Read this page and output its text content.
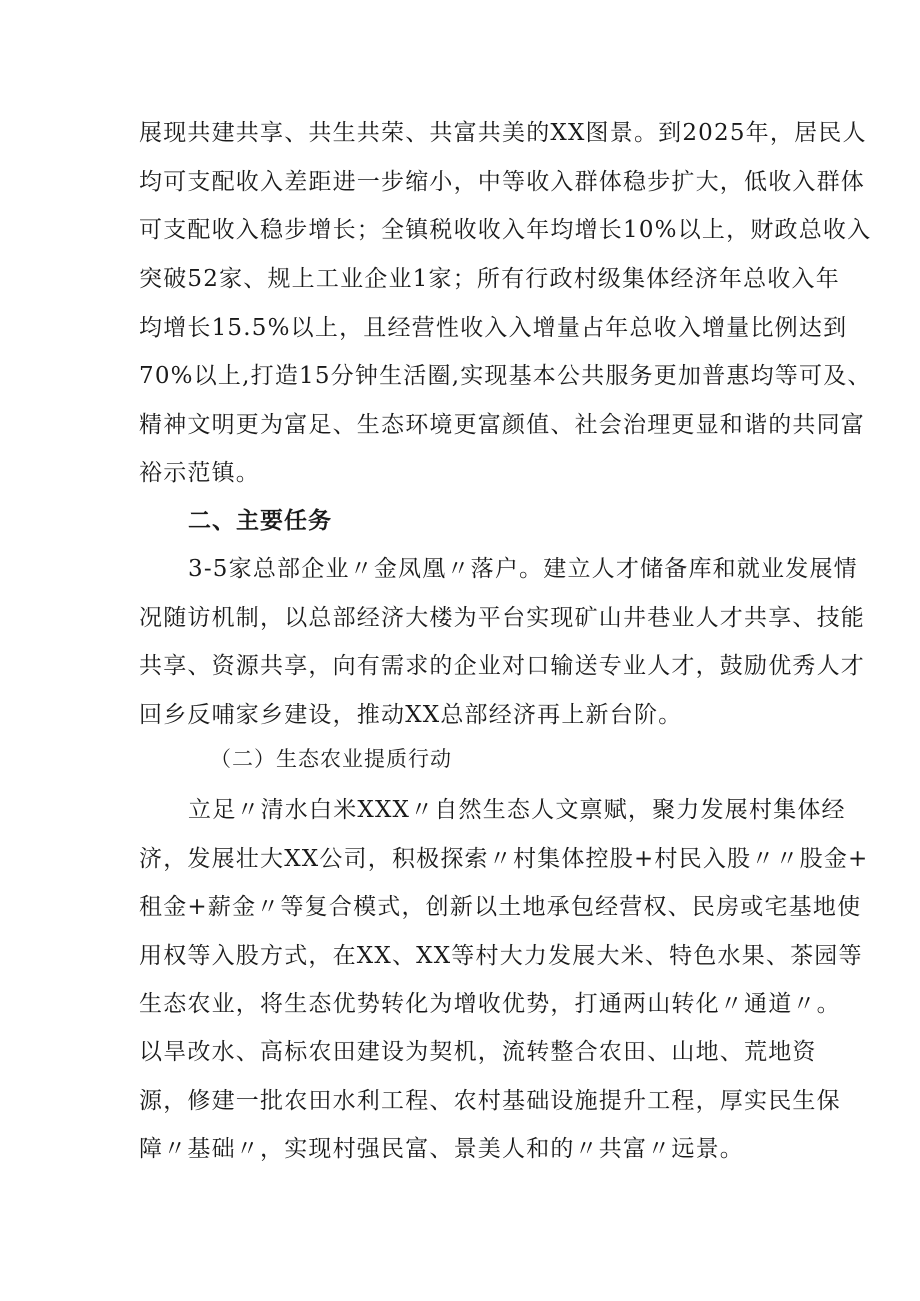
展现共建共享、共生共荣、共富共美的XX图景。到2025年，居民人
均可支配收入差距进一步缩小，中等收入群体稳步扩大，低收入群体
可支配收入稳步增长；全镇税收收入年均增长10%以上，财政总收入
突破52家、规上工业企业1家；所有行政村级集体经济年总收入年
均增长15.5%以上，且经营性收入入增量占年总收入增量比例达到
70%以上,打造15分钟生活圈,实现基本公共服务更加普惠均等可及、
精神文明更为富足、生态环境更富颜值、社会治理更显和谐的共同富
裕示范镇。
二、主要任务
3-5家总部企业〃金凤凰〃落户。建立人才储备库和就业发展情
况随访机制，以总部经济大楼为平台实现矿山井巷业人才共享、技能
共享、资源共享，向有需求的企业对口输送专业人才，鼓励优秀人才
回乡反哺家乡建设，推动XX总部经济再上新台阶。
（二）生态农业提质行动
立足〃清水白米XXX〃自然生态人文禀赋，聚力发展村集体经
济，发展壮大XX公司，积极探索〃村集体控股+村民入股〃〃股金+
租金+薪金〃等复合模式，创新以土地承包经营权、民房或宅基地使
用权等入股方式，在XX、XX等村大力发展大米、特色水果、茶园等
生态农业，将生态优势转化为增收优势，打通两山转化〃通道〃。
以旱改水、高标农田建设为契机，流转整合农田、山地、荒地资
源，修建一批农田水利工程、农村基础设施提升工程，厚实民生保
障〃基础〃，实现村强民富、景美人和的〃共富〃远景。
